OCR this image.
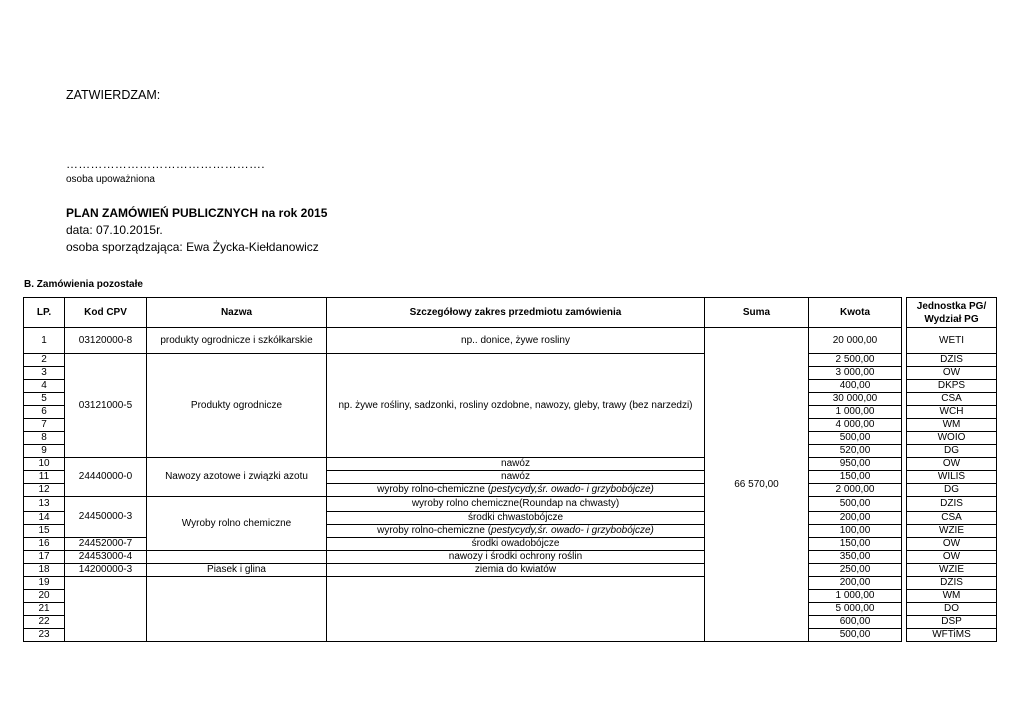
ZATWIERDZAM:
………………………………………….
osoba upoważniona
PLAN ZAMÓWIEŃ PUBLICZNYCH na rok 2015
data: 07.10.2015r.
osoba sporządzająca: Ewa Życka-Kiełdanowicz
B. Zamówienia pozostałe
LP.	Kod CPV	Nazwa	Szczegółowy zakres przedmiotu zamówienia	Suma	Kwota		Jednostka PG/ Wydział PG
1	03120000-8	produkty ogrodnicze i szkółkarskie	np.. donice, żywe rosliny	66 570,00	20 000,00		WETI
2	03121000-5	Produkty ogrodnicze	np. żywe rośliny, sadzonki, rosliny ozdobne, nawozy, gleby, trawy (bez narzedzi)		2 500,00		DZIS
3					3 000,00		OW
4					400,00		DKPS
5					30 000,00		CSA
6					1 000,00		WCH
7					4 000,00		WM
8					500,00		WOIO
9					520,00		DG
10	24440000-0	Nawozy azotowe i związki azotu	nawóz		950,00		OW
11			nawóz		150,00		WILIŚ
12			wyroby rolno-chemiczne (pestycydy,śr. owado- i grzybobójcze)		2 000,00		DG
13	24450000-3	Wyroby rolno chemiczne	wyroby rolno chemiczne(Roundap na chwasty)		500,00		DZIS
14			środki chwastobójcze		200,00		CSA
15			wyroby rolno-chemiczne (pestycydy,śr. owado- i grzybobójcze)		100,00		WZIE
16	24452000-7		środki owadobójcze		150,00		OW
17	24453000-4		nawozy i środki ochrony roślin		350,00		OW
18	14200000-3	Piasek i glina	ziemia do kwiatów		250,00		WZIE
19					200,00		DZIS
20					1 000,00		WM
21					5 000,00		DO
22					600,00		DSP
23					500,00		WFTiMS
